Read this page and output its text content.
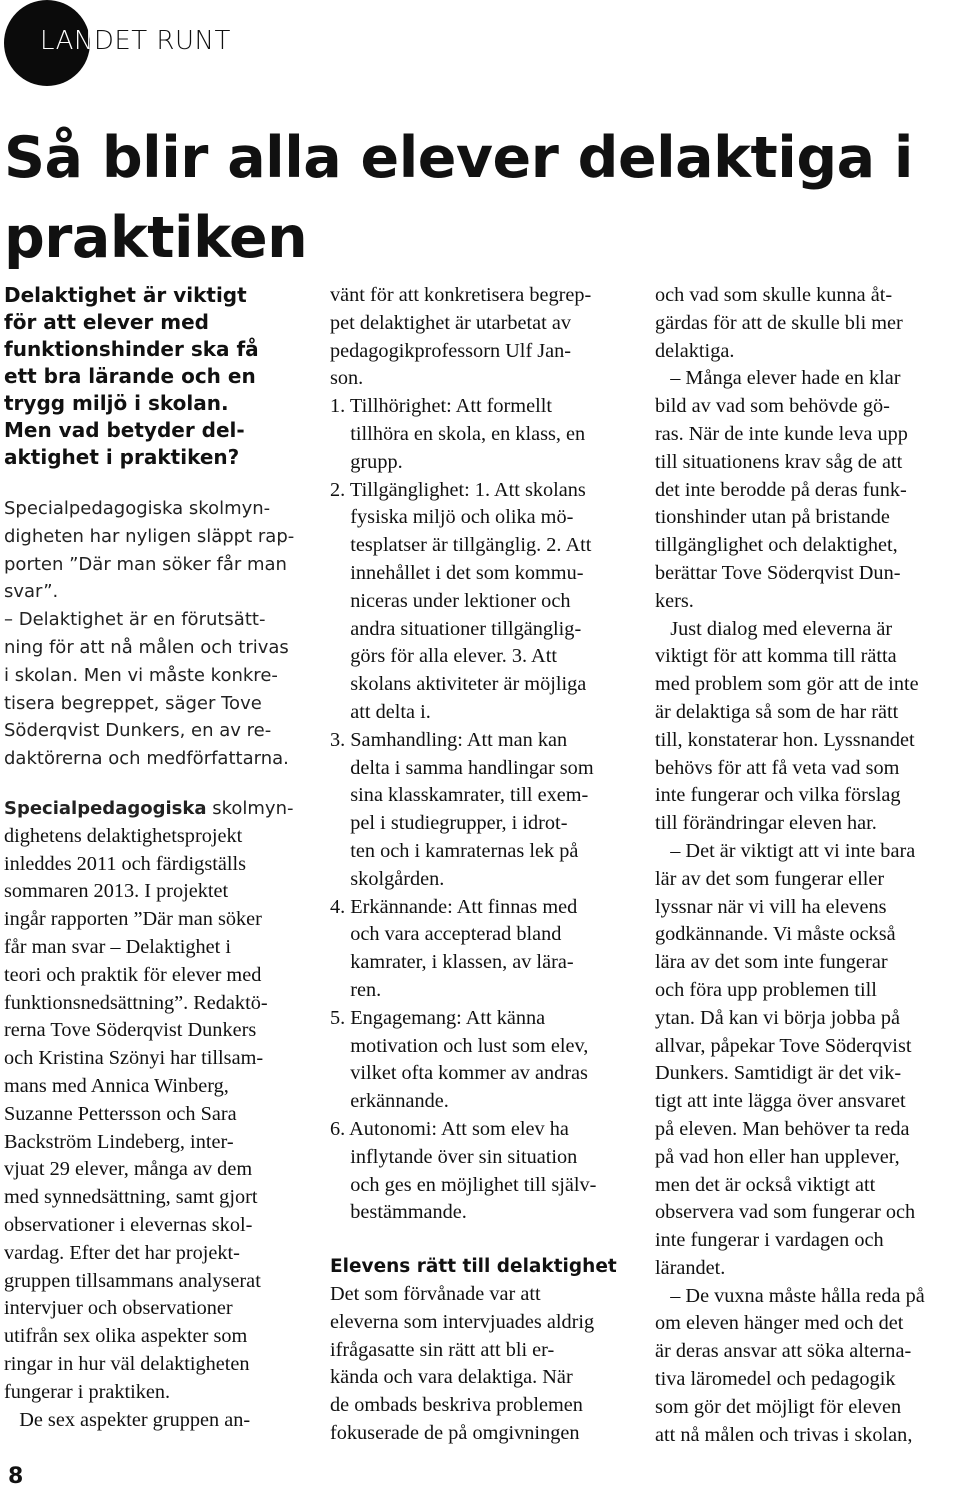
LANDET RUNT
Så blir alla elever delaktiga i praktiken
Delaktighet är viktigt
för att elever med
funktionshinder ska få
ett bra lärande och en
trygg miljö i skolan.
Men vad betyder del-
aktighet i praktiken?
Specialpedagogiska skolmyn-
digheten har nyligen släppt rap-
porten ”Där man söker får man
svar”.
– Delaktighet är en förutsätt-
ning för att nå målen och trivas
i skolan. Men vi måste konkre-
tisera begreppet, säger Tove
Söderqvist Dunkers, en av re-
daktörerna och medförfattarna.
Specialpedagogiska skolmyn-
dighetens delaktighetsprojekt
inleddes 2011 och färdigställs
sommaren 2013. I projektet
ingår rapporten ”Där man söker
får man svar – Delaktighet i
teori och praktik för elever med
funktionsnedsättning”. Redaktö-
rerna Tove Söderqvist Dunkers
och Kristina Szönyi har tillsam-
mans med Annica Winberg,
Suzanne Pettersson och Sara
Backström Lindeberg, inter-
vjuat 29 elever, många av dem
med synnedsättning, samt gjort
observationer i elevernas skol-
vardag. Efter det har projekt-
gruppen tillsammans analyserat
intervjuer och observationer
utifrån sex olika aspekter som
ringar in hur väl delaktigheten
fungerar i praktiken.
De sex aspekter gruppen an-
vänt för att konkretisera begrep-
pet delaktighet är utarbetat av
pedagogikprofessorn Ulf Jan-
son.
1. Tillhörighet: Att formellt
tillhöra en skola, en klass, en
grupp.
2. Tillgänglighet: 1. Att skolans
fysiska miljö och olika mö-
tesplatser är tillgänglig. 2. Att
innehållet i det som kommu-
niceras under lektioner och
andra situationer tillgänglig-
görs för alla elever. 3. Att
skolans aktiviteter är möjliga
att delta i.
3. Samhandling: Att man kan
delta i samma handlingar som
sina klasskamrater, till exem-
pel i studiegrupper, i idrot-
ten och i kamraternas lek på
skolgården.
4. Erkännande: Att finnas med
och vara accepterad bland
kamrater, i klassen, av lära-
ren.
5. Engagemang: Att känna
motivation och lust som elev,
vilket ofta kommer av andras
erkännande.
6. Autonomi: Att som elev ha
inflytande över sin situation
och ges en möjlighet till själv-
bestämmande.
Elevens rätt till delaktighet
Det som förvånade var att
eleverna som intervjuades aldrig
ifrågasatte sin rätt att bli er-
kända och vara delaktiga. När
de ombads beskriva problemen
fokuserade de på omgivningen
och vad som skulle kunna åt-
gärdas för att de skulle bli mer
delaktiga.
– Många elever hade en klar
bild av vad som behövde gö-
ras. När de inte kunde leva upp
till situationens krav såg de att
det inte berodde på deras funk-
tionshinder utan på bristande
tillgänglighet och delaktighet,
berättar Tove Söderqvist Dun-
kers.
Just dialog med eleverna är
viktigt för att komma till rätta
med problem som gör att de inte
är delaktiga så som de har rätt
till, konstaterar hon. Lyssnandet
behövs för att få veta vad som
inte fungerar och vilka förslag
till förändringar eleven har.
– Det är viktigt att vi inte bara
lär av det som fungerar eller
lyssnar när vi vill ha elevens
godkännande. Vi måste också
lära av det som inte fungerar
och föra upp problemen till
ytan. Då kan vi börja jobba på
allvar, påpekar Tove Söderqvist
Dunkers. Samtidigt är det vik-
tigt att inte lägga över ansvaret
på eleven. Man behöver ta reda
på vad hon eller han upplever,
men det är också viktigt att
observera vad som fungerar och
inte fungerar i vardagen och
lärandet.
– De vuxna måste hålla reda på
om eleven hänger med och det
är deras ansvar att söka alterna-
tiva läromedel och pedagogik
som gör det möjligt för eleven
att nå målen och trivas i skolan,
8
